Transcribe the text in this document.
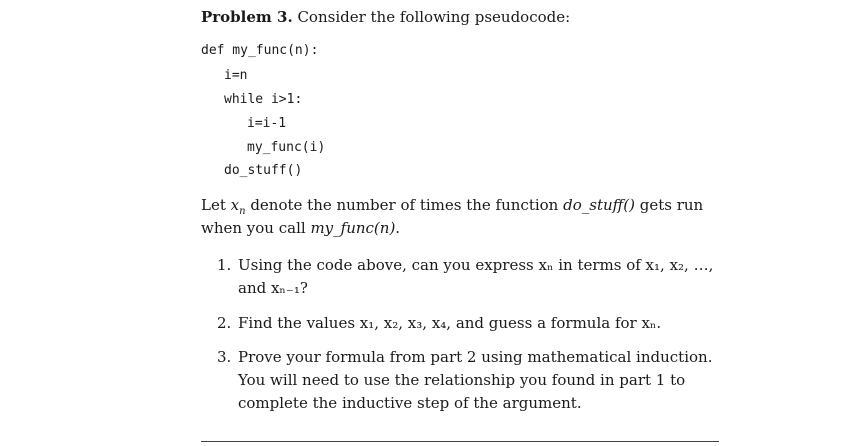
Problem 3. Consider the following pseudocode:
def my_func(n):
i=n
while i>1:
i=i-1
my_func(i)
do_stuff()
Let $x_n$ denote the number of times the function do_stuff() gets run when you call my_func(n).
1. Using the code above, can you express xₙ in terms of x₁, x₂, …, and xₙ₋₁?
2. Find the values x₁, x₂, x₃, x₄, and guess a formula for xₙ.
3. Prove your formula from part 2 using mathematical induction. You will need to use the relationship you found in part 1 to complete the inductive step of the argument.
